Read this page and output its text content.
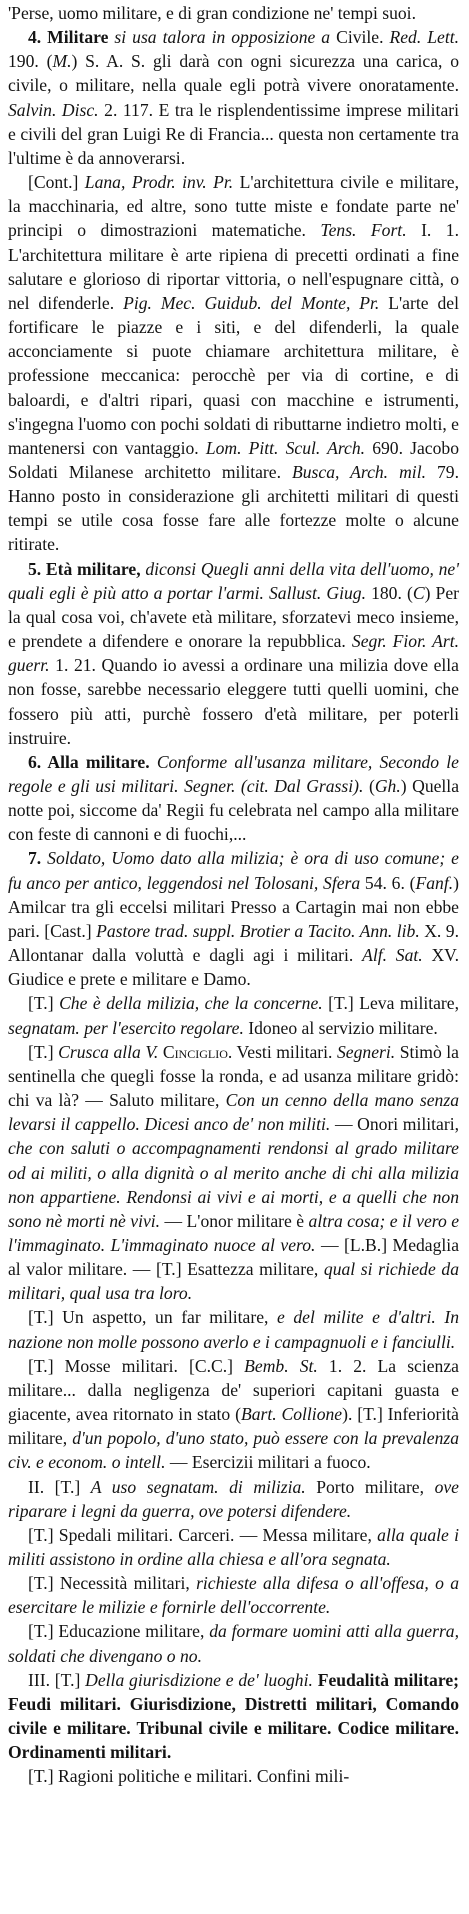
'Perse, uomo militare, e di gran condizione ne' tempi suoi.

4. Militare si usa talora in opposizione a Civile. Red. Lett. 190. (M.) S. A. S. gli darà con ogni sicurezza una carica, o civile, o militare, nella quale egli potrà vivere onoratamente. Salvin. Disc. 2. 117. E tra le risplendentissime imprese militari e civili del gran Luigi Re di Francia... questa non certamente tra l'ultime è da annoverarsi.

[Cont.] Lana, Prodr. inv. Pr. L'architettura civile e militare, la macchinaria, ed altre, sono tutte miste e fondate parte ne' principi o dimostrazioni matematiche. Tens. Fort. I. 1. L'architettura militare è arte ripiena di precetti ordinati a fine salutare e glorioso di riportar vittoria, o nell'espugnare città, o nel difenderle. Pig. Mec. Guidub. del Monte, Pr. L'arte del fortificare le piazze e i siti, e del difenderli, la quale acconciamente si puote chiamare architettura militare, è professione meccanica: perocchè per via di cortine, e di baloardi, e d'altri ripari, quasi con macchine e istrumenti, s'ingegna l'uomo con pochi soldati di ributtarne indietro molti, e mantenersi con vantaggio. Lom. Pitt. Scul. Arch. 690. Jacobo Soldati Milanese architetto militare. Busca, Arch. mil. 79. Hanno posto in considerazione gli architetti militari di questi tempi se utile cosa fosse fare alle fortezze molte o alcune ritirate.

5. Età militare, diconsi Quegli anni della vita dell'uomo, ne' quali egli è più atto a portar l'armi. Sallust. Giug. 180. (C) Per la qual cosa voi, ch'avete età militare, sforzatevi meco insieme, e prendete a difendere e onorare la repubblica. Segr. Fior. Art. guerr. 1. 21. Quando io avessi a ordinare una milizia dove ella non fosse, sarebbe necessario eleggere tutti quelli uomini, che fossero più atti, purchè fossero d'età militare, per poterli instruire.

6. Alla militare. Conforme all'usanza militare, Secondo le regole e gli usi militari. Segner. (cit. Dal Grassi). (Gh.) Quella notte poi, siccome da' Regii fu celebrata nel campo alla militare con feste di cannoni e di fuochi,...

7. Soldato, Uomo dato alla milizia; è ora di uso comune; e fu anco per antico, leggendosi nel Tolosani, Sfera 54. 6. (Fanf.) Amilcar tra gli eccelsi militari Presso a Cartagin mai non ebbe pari. [Cast.] Pastore trad. suppl. Brotier a Tacito. Ann. lib. X. 9. Allontanar dalla voluttà e dagli agi i militari. Alf. Sat. XV. Giudice e prete e militare e Damo.

[T.] Che è della milizia, che la concerne. [T.] Leva militare, segnatam. per l'esercito regolare. Idoneo al servizio militare.

[T.] Crusca alla V. Cinciglio. Vesti militari. Segneri. Stimò la sentinella che quegli fosse la ronda, e ad usanza militare gridò: chi va là? — Saluto militare, Con un cenno della mano senza levarsi il cappello. Dicesi anco de' non militi. — Onori militari, che con saluti o accompagnamenti rendonsi al grado militare od ai militi, o alla dignità o al merito anche di chi alla milizia non appartiene. Rendonsi ai vivi e ai morti, e a quelli che non sono nè morti nè vivi. — L'onor militare è altra cosa; e il vero e l'immaginato. L'immaginato nuoce al vero. — [L.B.] Medaglia al valor militare. — [T.] Esattezza militare, qual si richiede da militari, qual usa tra loro.

[T.] Un aspetto, un far militare, e del milite e d'altri. In nazione non molle possono averlo e i campagnuoli e i fanciulli.

[T.] Mosse militari. [C.C.] Bemb. St. 1. 2. La scienza militare... dalla negligenza de' superiori capitani guasta e giacente, avea ritornato in stato (Bart. Collione). [T.] Inferiorità militare, d'un popolo, d'uno stato, può essere con la prevalenza civ. e econom. o intell. — Esercizii militari a fuoco.

II. [T.] A uso segnatam. di milizia. Porto militare, ove riparare i legni da guerra, ove potersi difendere.

[T.] Spedali militari. Carceri. — Messa militare, alla quale i militi assistono in ordine alla chiesa e all'ora segnata.

[T.] Necessità militari, richieste alla difesa o all'offesa, o a esercitare le milizie e fornirle dell'occorrente.

[T.] Educazione militare, da formare uomini atti alla guerra, soldati che divengano o no.

III. [T.] Della giurisdizione e de' luoghi. Feudalità militare; Feudi militari. Giurisdizione, Distretti militari, Comando civile e militare. Tribunal civile e militare. Codice militare. Ordinamenti militari.

[T.] Ragioni politiche e militari. Confini mili-
